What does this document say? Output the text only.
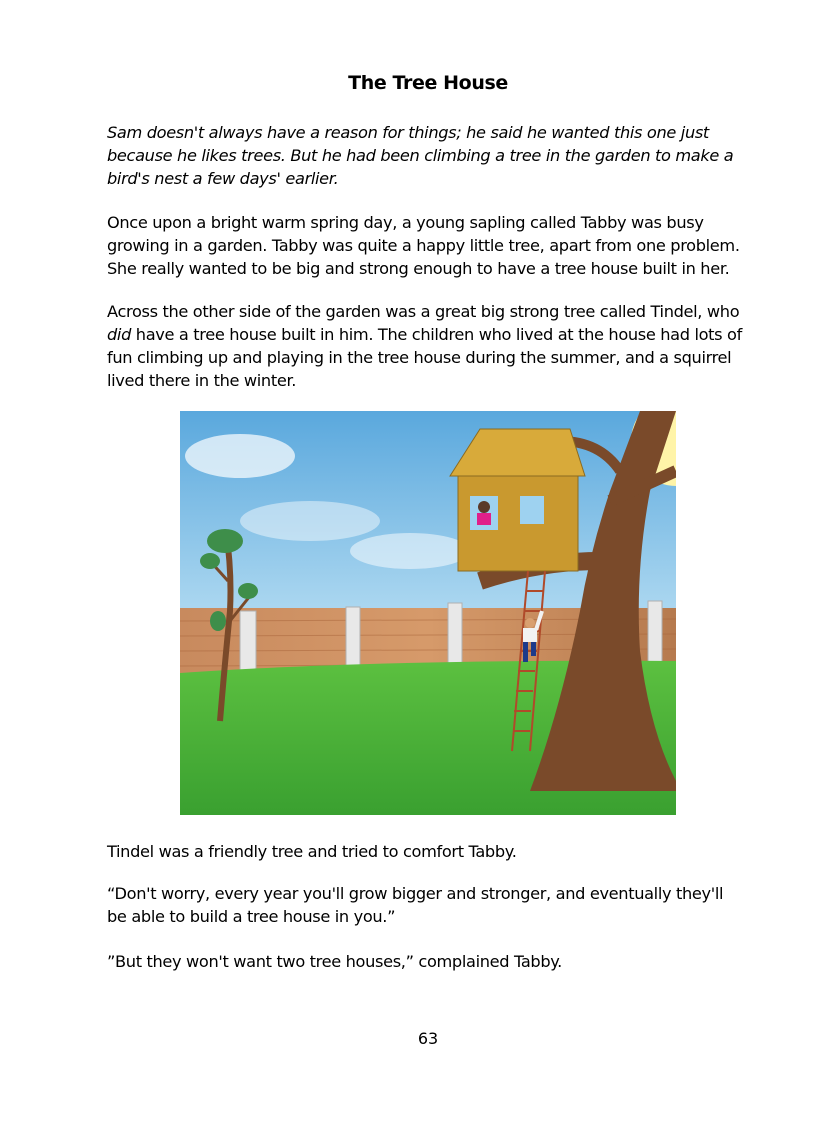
The Tree House

Sam doesn't always have a reason for things; he said he wanted this one just because he likes trees. But he had been climbing a tree in the garden to make a bird's nest a few days' earlier.

Once upon a bright warm spring day, a young sapling called Tabby was busy growing in a garden. Tabby was quite a happy little tree, apart from one problem. She really wanted to be big and strong enough to have a tree house built in her.

Across the other side of the garden was a great big strong tree called Tindel, who did have a tree house built in him. The children who lived at the house had lots of fun climbing up and playing in the tree house during the summer, and a squirrel lived there in the winter.

Tindel was a friendly tree and tried to comfort Tabby.

“Don't worry, every year you'll grow bigger and stronger, and eventually they'll be able to build a tree house in you.”

”But they won't want two tree houses,” complained Tabby.

63
